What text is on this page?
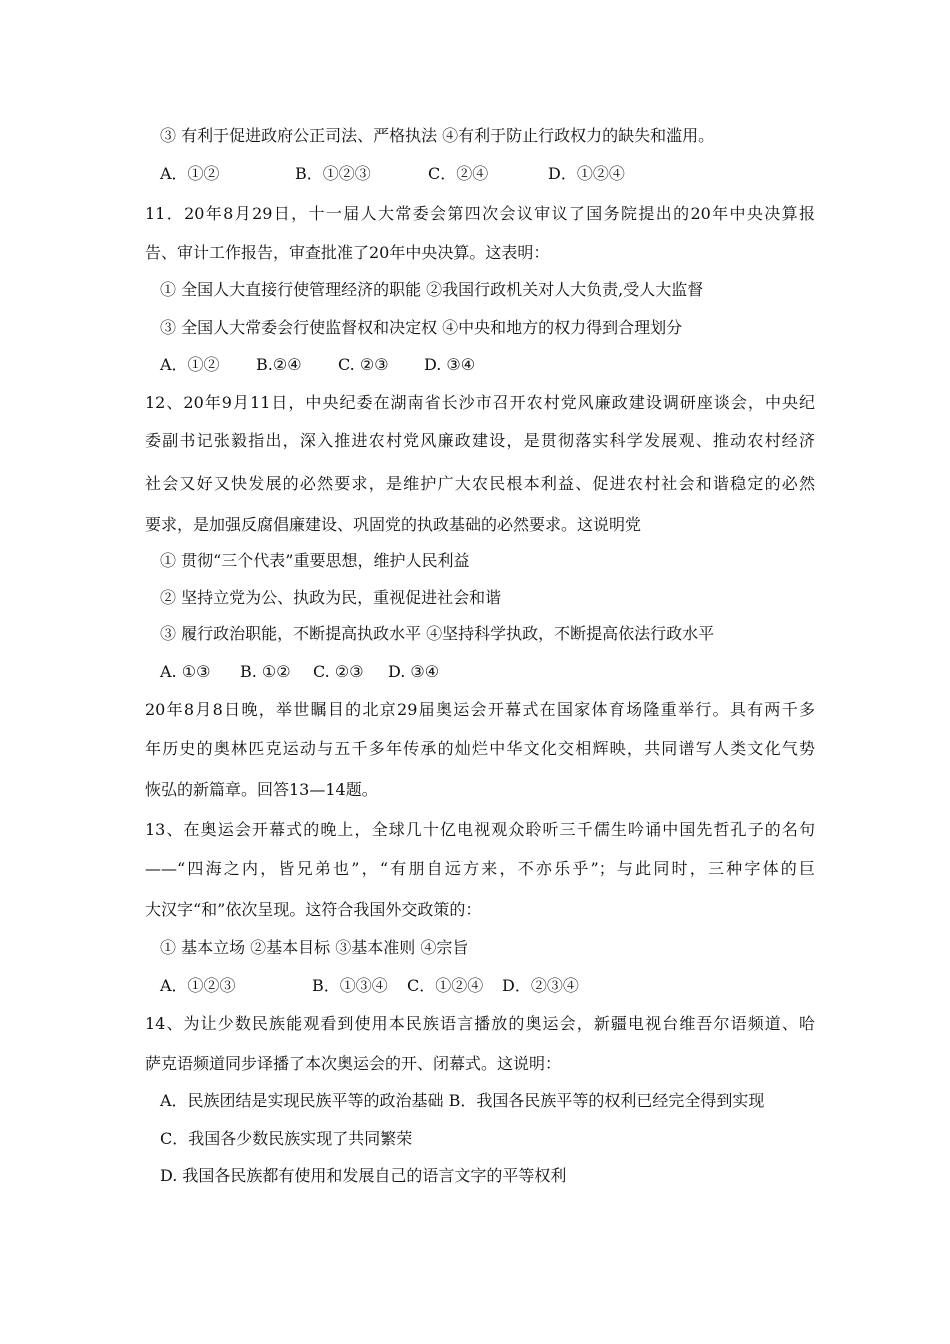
③ 有利于促进政府公正司法、严格执法 ④有利于防止行政权力的缺失和滥用。
A．①②	B．①②③	C．②④	D．①②④
11．20年8月29日，十一届人大常委会第四次会议审议了国务院提出的20年中央决算报
告、审计工作报告，审查批准了20年中央决算。这表明：
① 全国人大直接行使管理经济的职能 ②我国行政机关对人大负责,受人大监督
③ 全国人大常委会行使监督权和决定权 ④中央和地方的权力得到合理划分
A．①② B.②④ C. ②③ D. ③④
12、20年9月11日，中央纪委在湖南省长沙市召开农村党风廉政建设调研座谈会，中央纪
委副书记张毅指出，深入推进农村党风廉政建设，是贯彻落实科学发展观、推动农村经济
社会又好又快发展的必然要求，是维护广大农民根本利益、促进农村社会和谐稳定的必然
要求，是加强反腐倡廉建设、巩固党的执政基础的必然要求。这说明党
① 贯彻“三个代表”重要思想，维护人民利益
② 坚持立党为公、执政为民，重视促进社会和谐
③ 履行政治职能，不断提高执政水平 ④坚持科学执政，不断提高依法行政水平
A. ①③ B. ①② C. ②③ D. ③④
20年8月8日晚，举世瞩目的北京29届奥运会开幕式在国家体育场隆重举行。具有两千多
年历史的奥林匹克运动与五千多年传承的灿烂中华文化交相辉映，共同谱写人类文化气势
恢弘的新篇章。回答13—14题。
13、在奥运会开幕式的晚上，全球几十亿电视观众聆听三千儒生吟诵中国先哲孔子的名句
——“四海之内，皆兄弟也”，“有朋自远方来，不亦乐乎”；与此同时，三种字体的巨
大汉字“和”依次呈现。这符合我国外交政策的：
① 基本立场 ②基本目标 ③基本准则 ④宗旨
A．①②③	B．①③④ C．①②④ D．②③④
14、为让少数民族能观看到使用本民族语言播放的奥运会，新疆电视台维吾尔语频道、哈
萨克语频道同步译播了本次奥运会的开、闭幕式。这说明：
A．民族团结是实现民族平等的政治基础 B．我国各民族平等的权利已经完全得到实现
C．我国各少数民族实现了共同繁荣
D. 我国各民族都有使用和发展自己的语言文字的平等权利
